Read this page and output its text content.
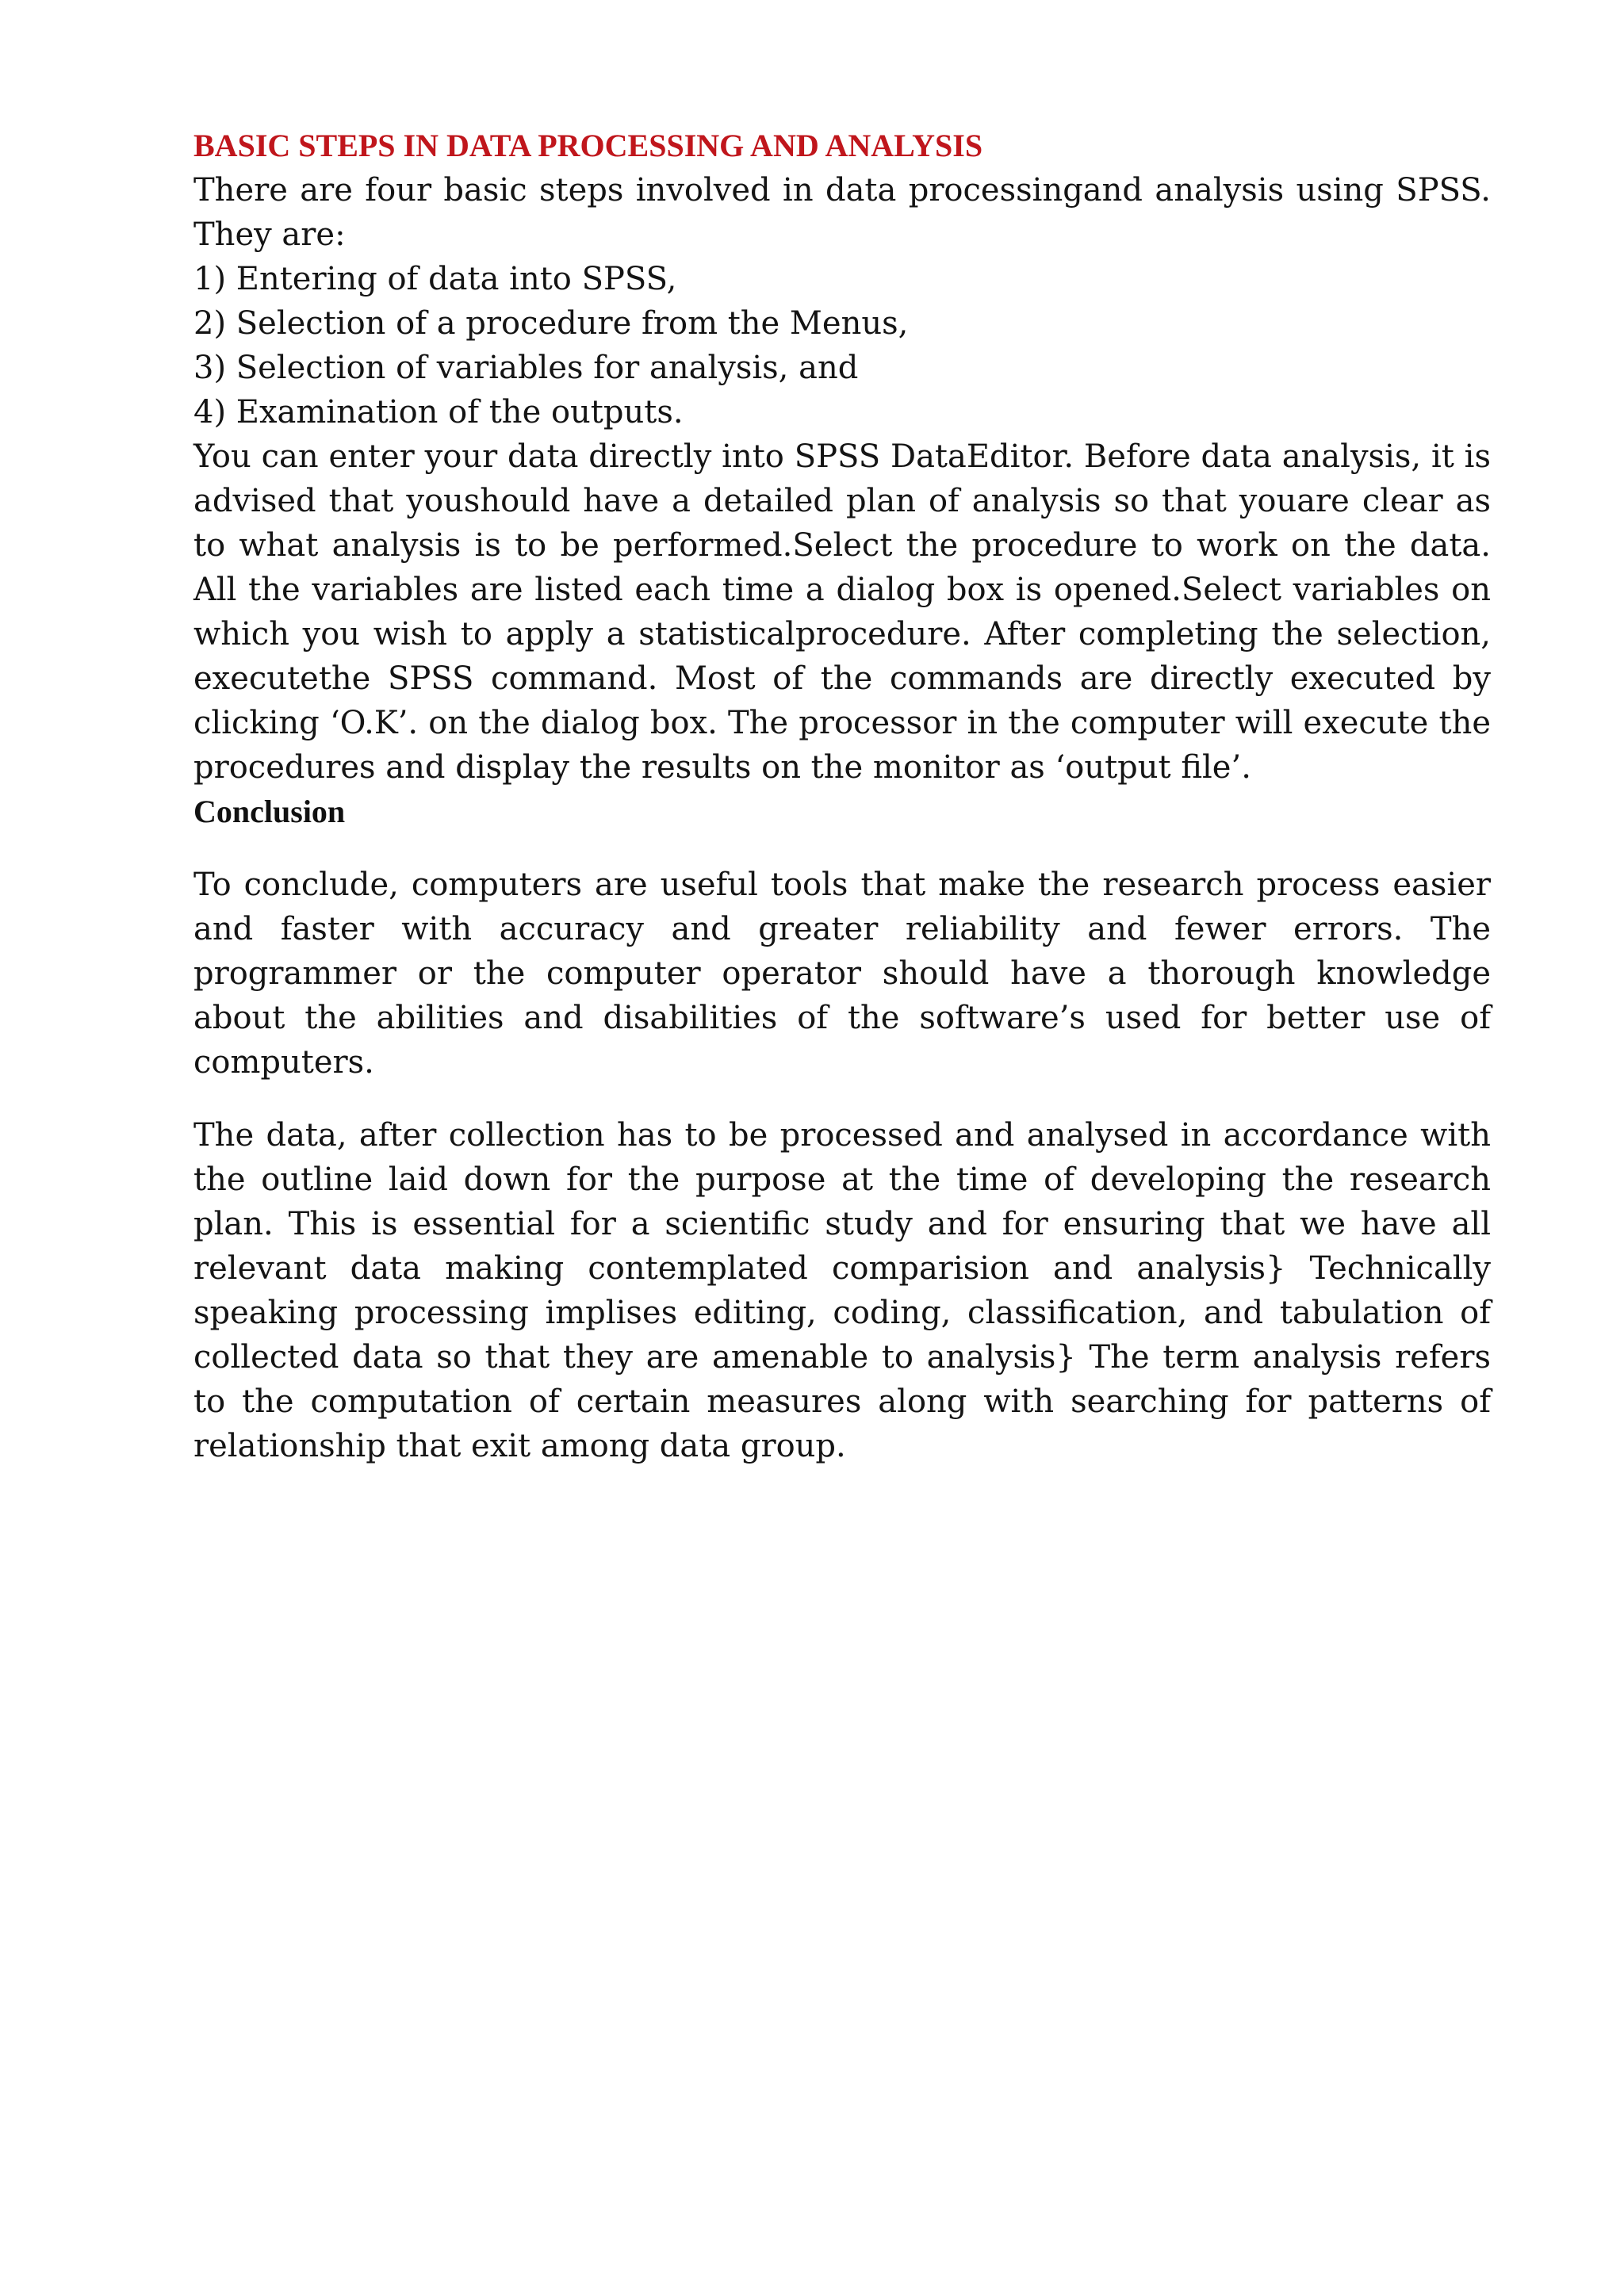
BASIC STEPS IN DATA PROCESSING AND ANALYSIS

There are four basic steps involved in data processingand analysis using SPSS. They are:

1) Entering of data into SPSS,
2) Selection of a procedure from the Menus,
3) Selection of variables for analysis, and
4) Examination of the outputs.

You can enter your data directly into SPSS DataEditor. Before data analysis, it is advised that youshould have a detailed plan of analysis so that youare clear as to what analysis is to be performed.Select the procedure to work on the data. All the variables are listed each time a dialog box is opened.Select variables on which you wish to apply a statisticalprocedure. After completing the selection, executethe SPSS command. Most of the commands are directly executed by clicking ‘O.K’. on the dialog box. The processor in the computer will execute the procedures and display the results on the monitor as ‘output file’.

Conclusion

To conclude, computers are useful tools that make the research process easier and faster with accuracy and greater reliability and fewer errors. The programmer or the computer operator should have a thorough knowledge about the abilities and disabilities of the software’s used for better use of computers.

The data, after collection has to be processed and analysed in accordance with the outline laid down for the purpose at the time of developing the research plan. This is essential for a scientific study and for ensuring that we have all relevant data making contemplated comparision and analysis} Technically speaking processing implises editing, coding, classification, and tabulation of collected data so that they are amenable to analysis} The term analysis refers to the computation of certain measures along with searching for patterns of relationship that exit among data group.
